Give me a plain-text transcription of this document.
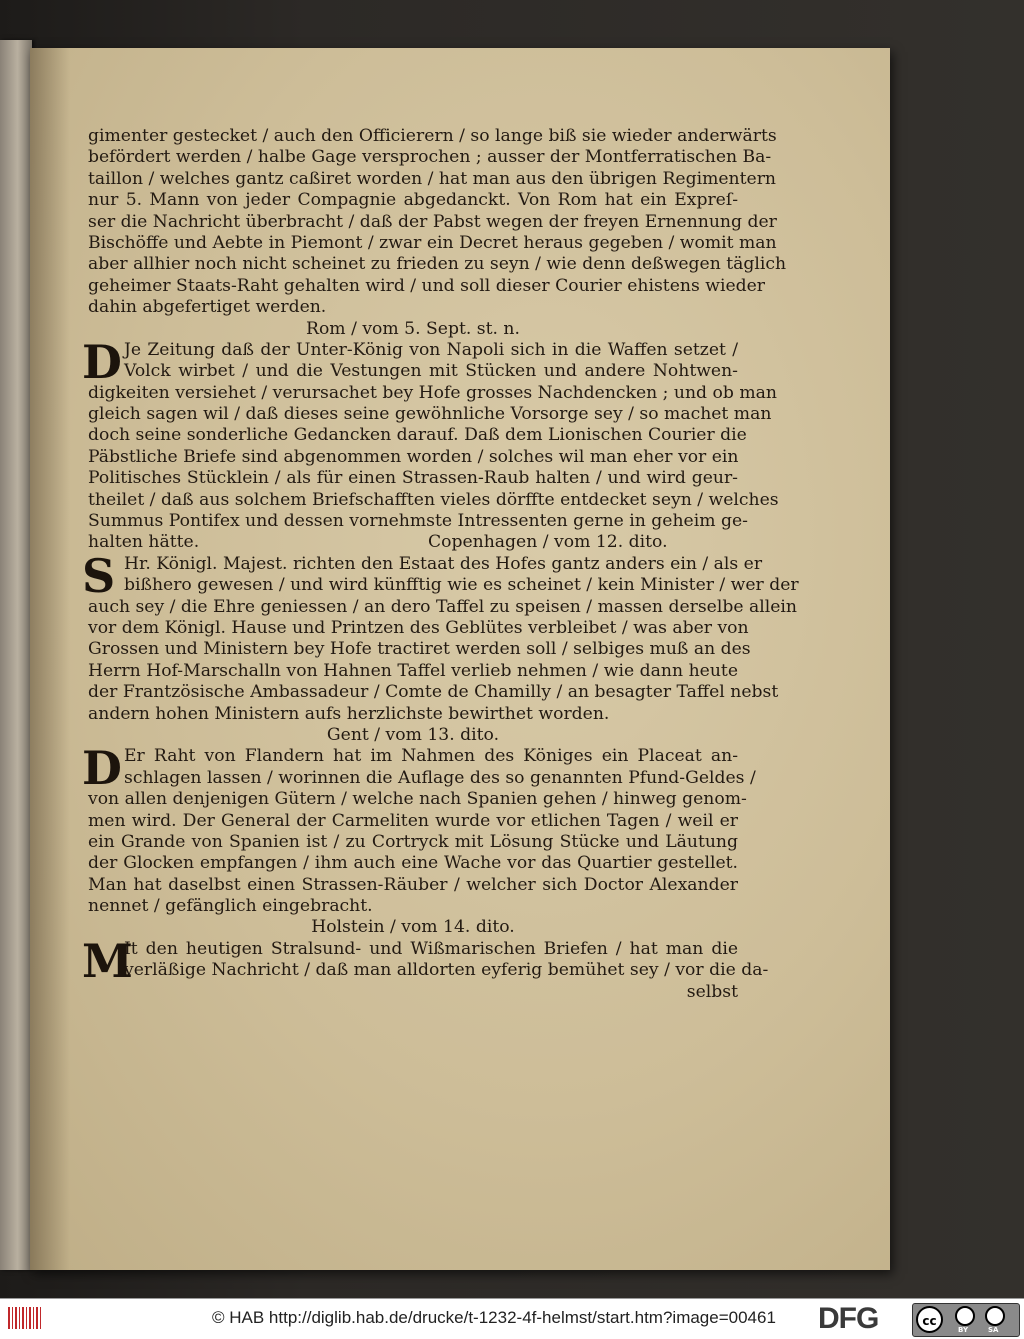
gimenter gestecket / auch den Officierern / so lange biß sie wieder anderwärts
befördert werden / halbe Gage versprochen ; ausser der Montferratischen Ba-
taillon / welches gantz caßiret worden / hat man aus den übrigen Regimentern
nur 5. Mann von jeder Compagnie abgedanckt. Von Rom hat ein Expreſ-
ser die Nachricht überbracht / daß der Pabst wegen der freyen Ernennung der
Bischöffe und Aebte in Piemont / zwar ein Decret heraus gegeben / womit man
aber allhier noch nicht scheinet zu frieden zu seyn / wie denn deßwegen täglich
geheimer Staats-Raht gehalten wird / und soll dieser Courier ehistens wieder
dahin abgefertiget werden.
Rom / vom 5. Sept. st. n.
D Je Zeitung daß der Unter-König von Napoli sich in die Waffen setzet /
Volck wirbet / und die Vestungen mit Stücken und andere Nohtwen-
digkeiten versiehet / verursachet bey Hofe grosses Nachdencken ; und ob man
gleich sagen wil / daß dieses seine gewöhnliche Vorsorge sey / so machet man
doch seine sonderliche Gedancken darauf. Daß dem Lionischen Courier die
Päbstliche Briefe sind abgenommen worden / solches wil man eher vor ein
Politisches Stücklein / als für einen Strassen-Raub halten / und wird geur-
theilet / daß aus solchem Briefschafften vieles dörffte entdecket seyn / welches
Summus Pontifex und dessen vornehmste Intressenten gerne in geheim ge-
halten hätte.	Copenhagen / vom 12. dito.
S Hr. Königl. Majest. richten den Estaat des Hofes gantz anders ein / als er
bißhero gewesen / und wird künfftig wie es scheinet / kein Minister / wer der
auch sey / die Ehre geniessen / an dero Taffel zu speisen / massen derselbe allein
vor dem Königl. Hause und Printzen des Geblütes verbleibet / was aber von
Grossen und Ministern bey Hofe tractiret werden soll / selbiges muß an des
Herrn Hof-Marschalln von Hahnen Taffel verlieb nehmen / wie dann heute
der Frantzösische Ambassadeur / Comte de Chamilly / an besagter Taffel nebst
andern hohen Ministern aufs herzlichste bewirthet worden.
Gent / vom 13. dito.
D Er Raht von Flandern hat im Nahmen des Königes ein Placeat an-
schlagen lassen / worinnen die Auflage des so genannten Pfund-Geldes /
von allen denjenigen Gütern / welche nach Spanien gehen / hinweg genom-
men wird. Der General der Carmeliten wurde vor etlichen Tagen / weil er
ein Grande von Spanien ist / zu Cortryck mit Lösung Stücke und Läutung
der Glocken empfangen / ihm auch eine Wache vor das Quartier gestellet.
Man hat daselbst einen Strassen-Räuber / welcher sich Doctor Alexander
nennet / gefänglich eingebracht.
Holstein / vom 14. dito.
M
It den heutigen Stralsund- und Wißmarischen Briefen / hat man die
verläßige Nachricht / daß man alldorten eyferig bemühet sey / vor die da-
selbst
© HAB http://diglib.hab.de/drucke/t-1232-4f-helmst/start.htm?image=00461 DFG	cc
BY	SA
